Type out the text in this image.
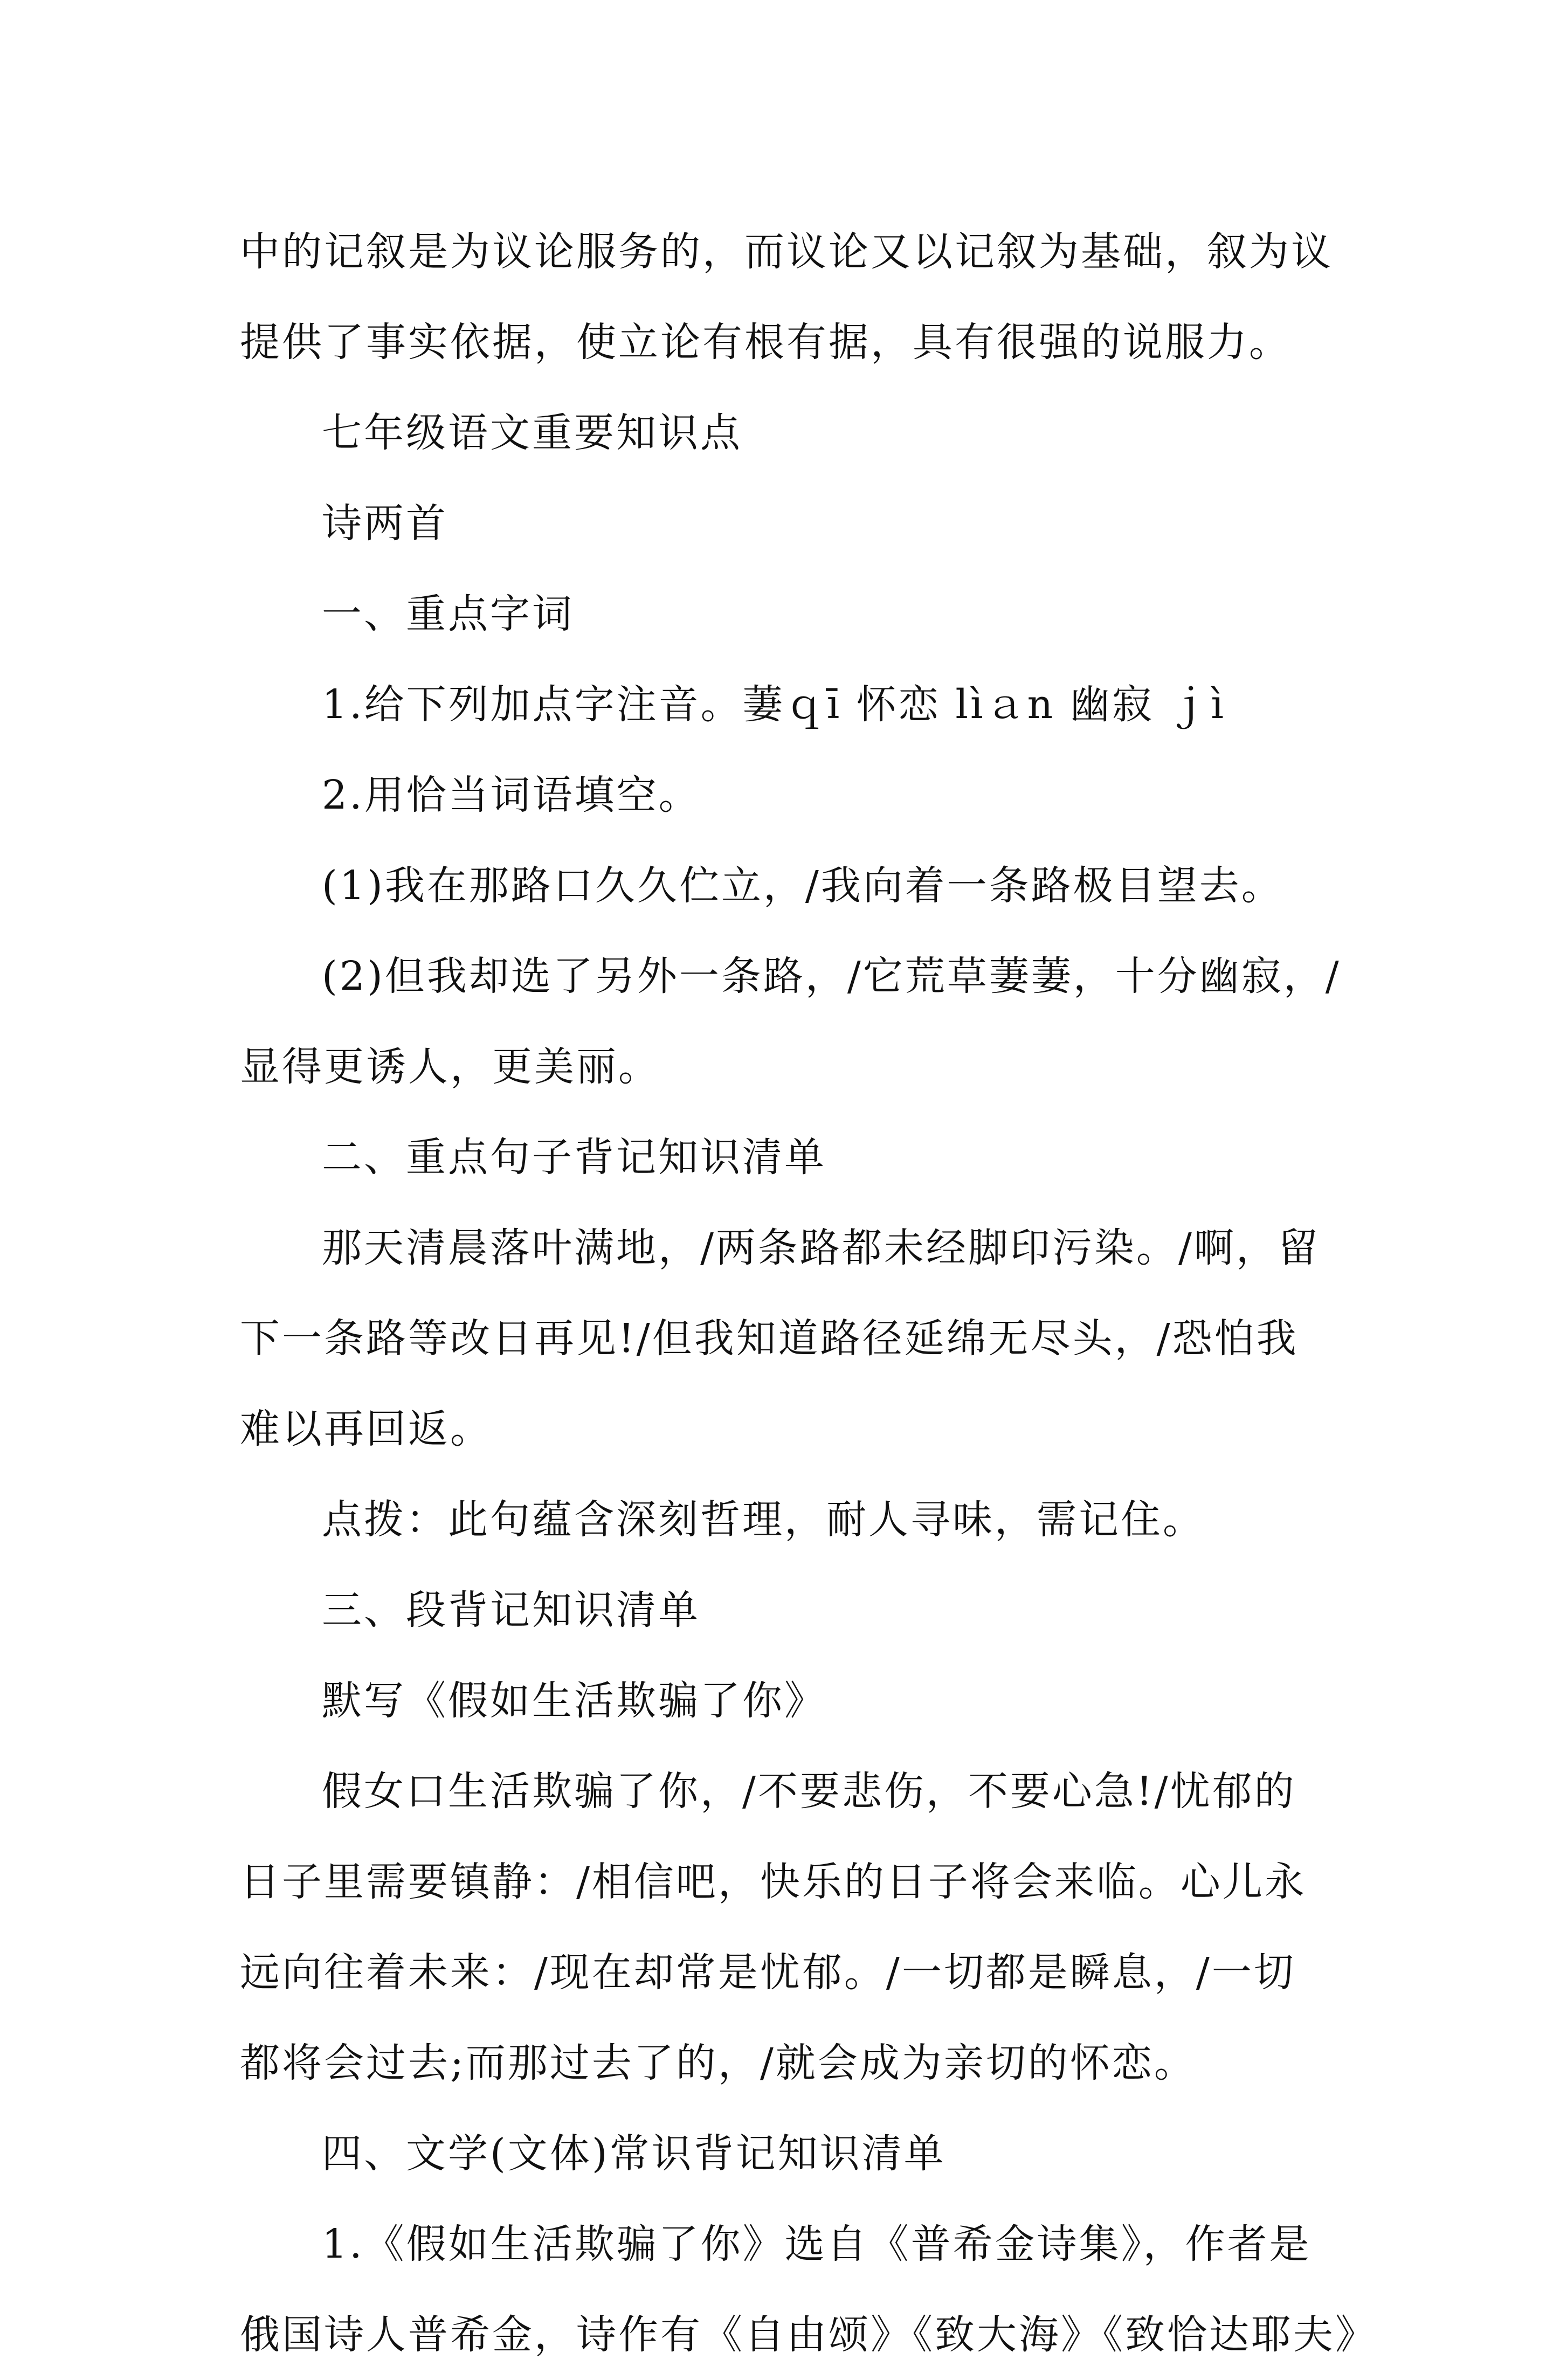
中的记叙是为议论服务的，而议论又以记叙为基础，叙为议
提供了事实依据，使立论有根有据，具有很强的说服力。
七年级语文重要知识点
诗两首
一、重点字词
1.给下列加点字注音。萋ｑī 怀恋 lìａn 幽寂 ｊì
2.用恰当词语填空。
(1)我在那路口久久伫立，/我向着一条路极目望去。
(2)但我却选了另外一条路，/它荒草萋萋，十分幽寂，/
显得更诱人，更美丽。
二、重点句子背记知识清单
那天清晨落叶满地，/两条路都未经脚印污染。/啊，留
下一条路等改日再见!/但我知道路径延绵无尽头，/恐怕我
难以再回返。
点拨：此句蕴含深刻哲理，耐人寻味，需记住。
三、段背记知识清单
默写《假如生活欺骗了你》
假女口生活欺骗了你，/不要悲伤，不要心急!/忧郁的
日子里需要镇静：/相信吧，快乐的日子将会来临。心儿永
远向往着未来：/现在却常是忧郁。/一切都是瞬息，/一切
都将会过去;而那过去了的，/就会成为亲切的怀恋。
四、文学(文体)常识背记知识清单
1.《假如生活欺骗了你》选自《普希金诗集》，作者是
俄国诗人普希金，诗作有《自由颂》《致大海》《致恰达耶夫》
